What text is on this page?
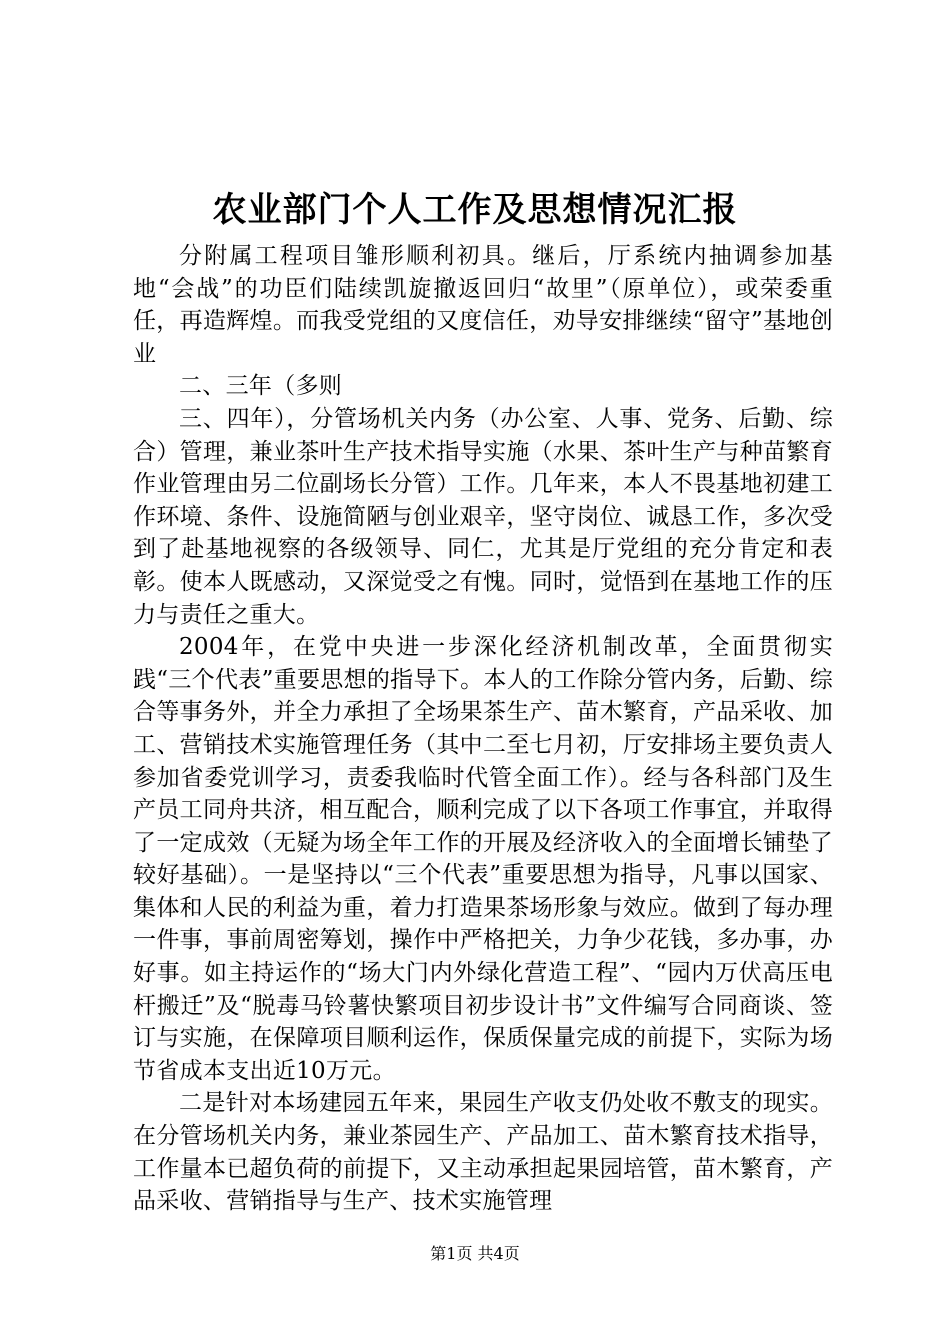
农业部门个人工作及思想情况汇报

分附属工程项目雏形顺利初具。继后，厅系统内抽调参加基地“会战”的功臣们陆续凯旋撤返回归“故里”（原单位），或荣委重任，再造辉煌。而我受党组的又度信任，劝导安排继续“留守”基地创业

二、三年（多则

三、四年），分管场机关内务（办公室、人事、党务、后勤、综合）管理，兼业茶叶生产技术指导实施（水果、茶叶生产与种苗繁育作业管理由另二位副场长分管）工作。几年来，本人不畏基地初建工作环境、条件、设施简陋与创业艰辛，坚守岗位、诚恳工作，多次受到了赴基地视察的各级领导、同仁，尤其是厅党组的充分肯定和表彰。使本人既感动，又深觉受之有愧。同时，觉悟到在基地工作的压力与责任之重大。

2004年，在党中央进一步深化经济机制改革，全面贯彻实践“三个代表”重要思想的指导下。本人的工作除分管内务，后勤、综合等事务外，并全力承担了全场果茶生产、苗木繁育，产品采收、加工、营销技术实施管理任务（其中二至七月初，厅安排场主要负责人参加省委党训学习，责委我临时代管全面工作）。经与各科部门及生产员工同舟共济，相互配合，顺利完成了以下各项工作事宜，并取得了一定成效（无疑为场全年工作的开展及经济收入的全面增长铺垫了较好基础）。一是坚持以“三个代表”重要思想为指导，凡事以国家、集体和人民的利益为重，着力打造果茶场形象与效应。做到了每办理一件事，事前周密筹划，操作中严格把关，力争少花钱，多办事，办好事。如主持运作的“场大门内外绿化营造工程”、“园内万伏高压电杆搬迁”及“脱毒马铃薯快繁项目初步设计书”文件编写合同商谈、签订与实施，在保障项目顺利运作，保质保量完成的前提下，实际为场节省成本支出近10万元。

二是针对本场建园五年来，果园生产收支仍处收不敷支的现实。在分管场机关内务，兼业茶园生产、产品加工、苗木繁育技术指导，工作量本已超负荷的前提下，又主动承担起果园培管，苗木繁育，产品采收、营销指导与生产、技术实施管理

第1页 共4页
